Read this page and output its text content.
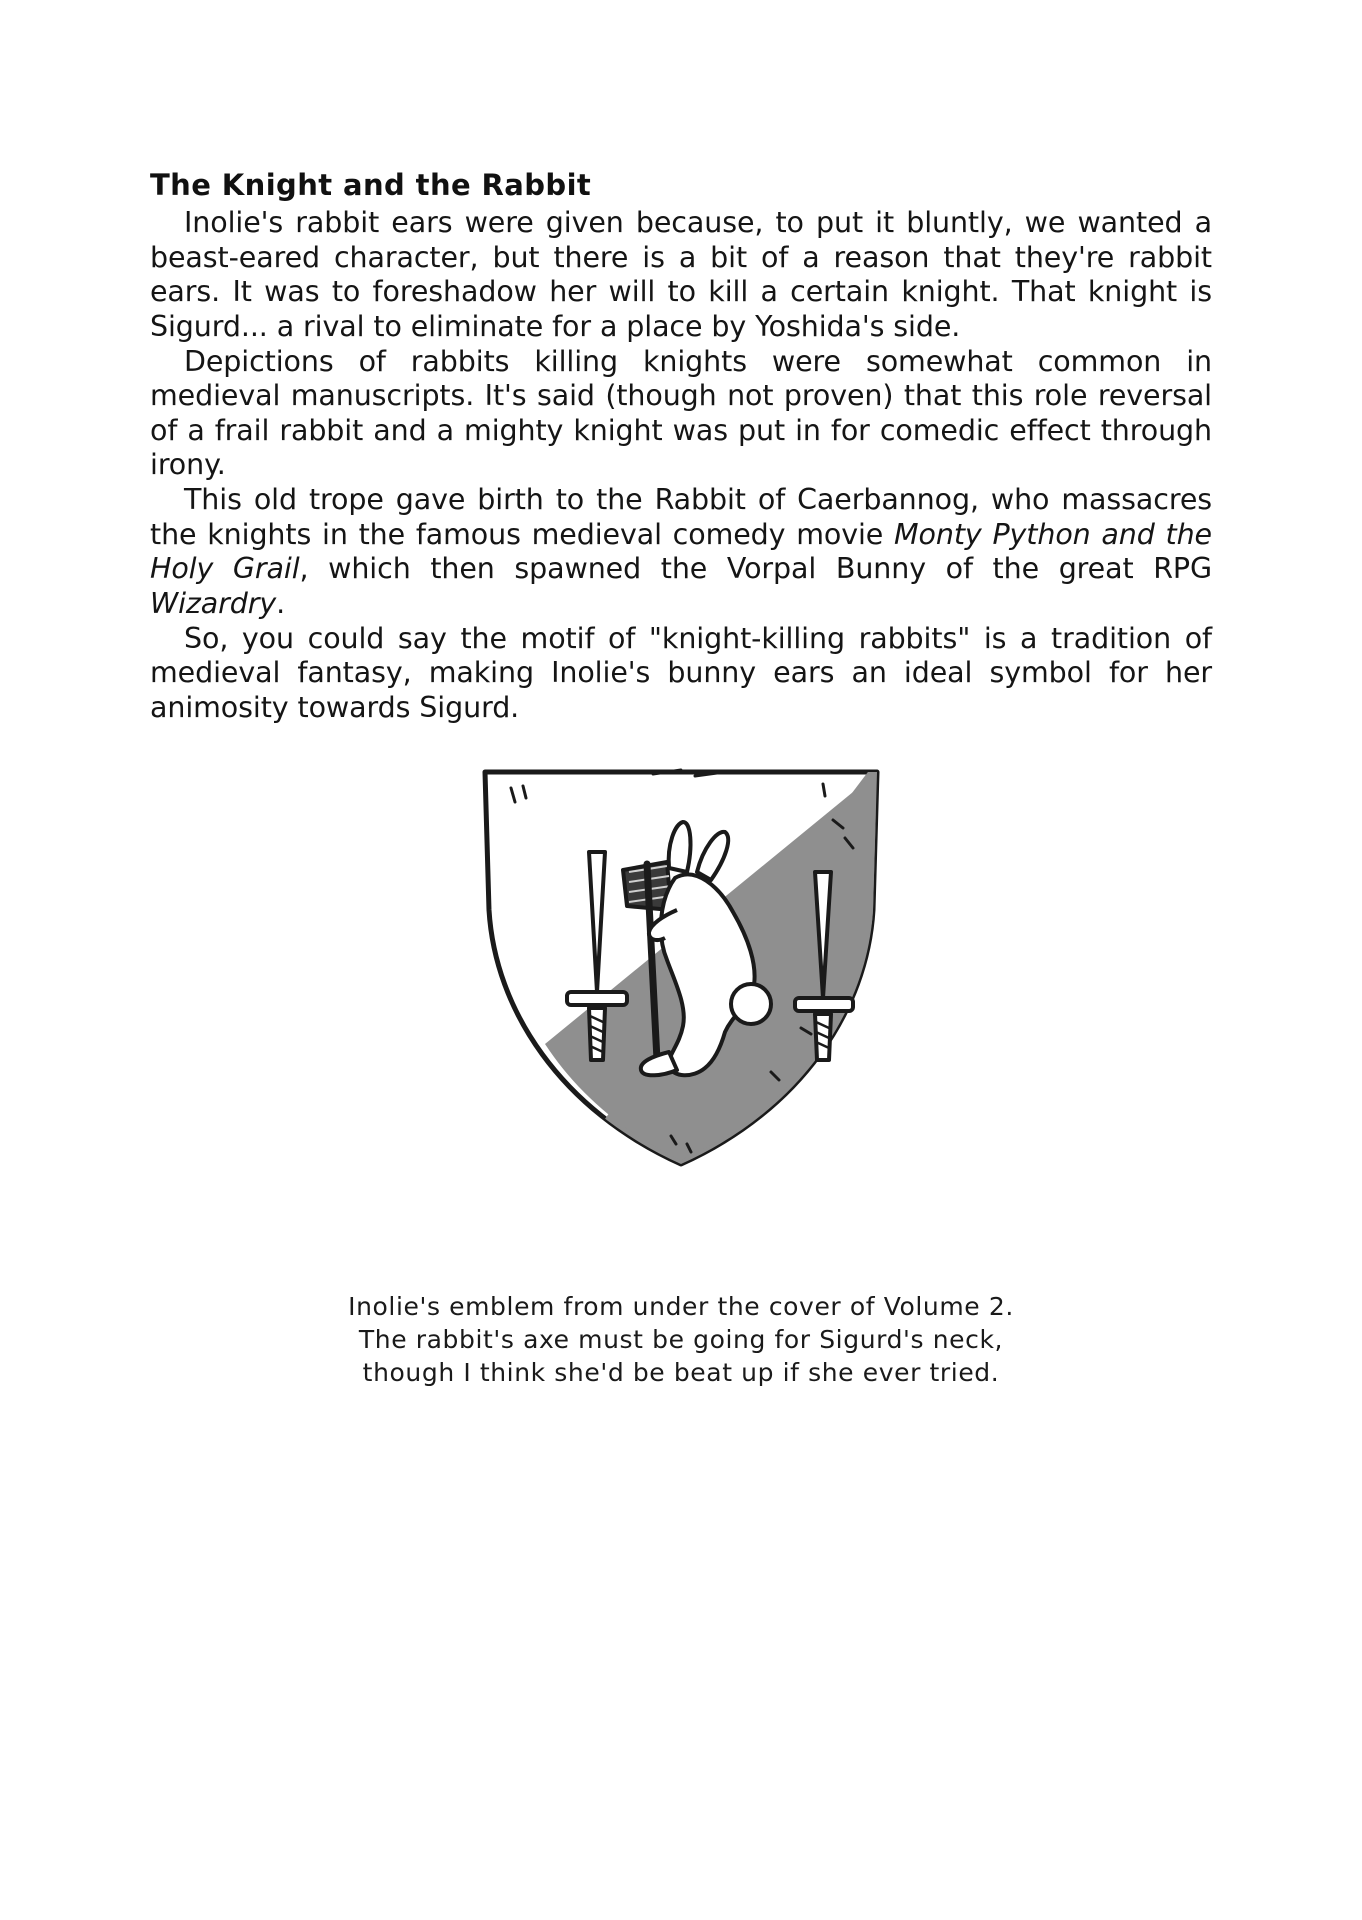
The Knight and the Rabbit

Inolie's rabbit ears were given because, to put it bluntly, we wanted a beast-eared character, but there is a bit of a reason that they're rabbit ears. It was to foreshadow her will to kill a certain knight. That knight is Sigurd... a rival to eliminate for a place by Yoshida's side.

Depictions of rabbits killing knights were somewhat common in medieval manuscripts. It's said (though not proven) that this role reversal of a frail rabbit and a mighty knight was put in for comedic effect through irony.

This old trope gave birth to the Rabbit of Caerbannog, who massacres the knights in the famous medieval comedy movie Monty Python and the Holy Grail, which then spawned the Vorpal Bunny of the great RPG Wizardry.

So, you could say the motif of "knight-killing rabbits" is a tradition of medieval fantasy, making Inolie's bunny ears an ideal symbol for her animosity towards Sigurd.

Inolie's emblem from under the cover of Volume 2.
The rabbit's axe must be going for Sigurd's neck,
though I think she'd be beat up if she ever tried.
